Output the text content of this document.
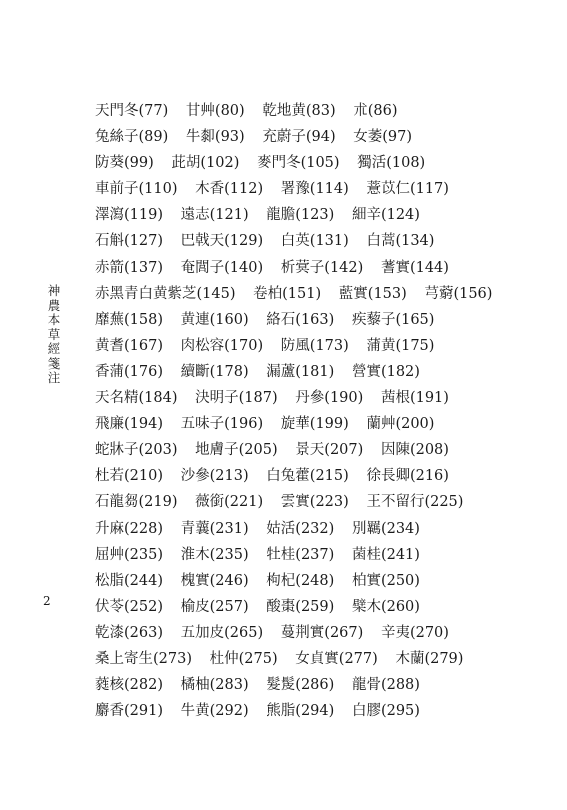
神農本草經箋注
2
天門冬(77) 甘艸(80) 乾地黄(83) 朮(86)
兔絲子(89) 牛厀(93) 充蔚子(94) 女萎(97)
防葵(99) 茈胡(102) 麥門冬(105) 獨活(108)
車前子(110) 木香(112) 署豫(114) 薏苡仁(117)
澤瀉(119) 遠志(121) 龍膽(123) 細辛(124)
石斛(127) 巴戟天(129) 白英(131) 白蒿(134)
赤箭(137) 奄閭子(140) 析蓂子(142) 蓍實(144)
赤黑青白黄紫芝(145) 卷柏(151) 藍實(153) 芎藭(156)
靡蕪(158) 黄連(160) 絡石(163) 疾藜子(165)
黄耆(167) 肉松容(170) 防風(173) 蒲黄(175)
香蒲(176) 續斷(178) 漏蘆(181) 營實(182)
天名精(184) 決明子(187) 丹參(190) 茜根(191)
飛廉(194) 五味子(196) 旋華(199) 蘭艸(200)
蛇牀子(203) 地膚子(205) 景天(207) 因陳(208)
杜若(210) 沙參(213) 白兔藿(215) 徐長卿(216)
石龍芻(219) 薇銜(221) 雲實(223) 王不留行(225)
升麻(228) 青蘘(231) 姑活(232) 別羈(234)
屈艸(235) 淮木(235) 牡桂(237) 菌桂(241)
松脂(244) 槐實(246) 枸杞(248) 柏實(250)
伏苓(252) 榆皮(257) 酸棗(259) 檗木(260)
乾漆(263) 五加皮(265) 蔓荆實(267) 辛夷(270)
桑上寄生(273) 杜仲(275) 女貞實(277) 木蘭(279)
蕤核(282) 橘柚(283) 髮髲(286) 龍骨(288)
麝香(291) 牛黄(292) 熊脂(294) 白膠(295)
